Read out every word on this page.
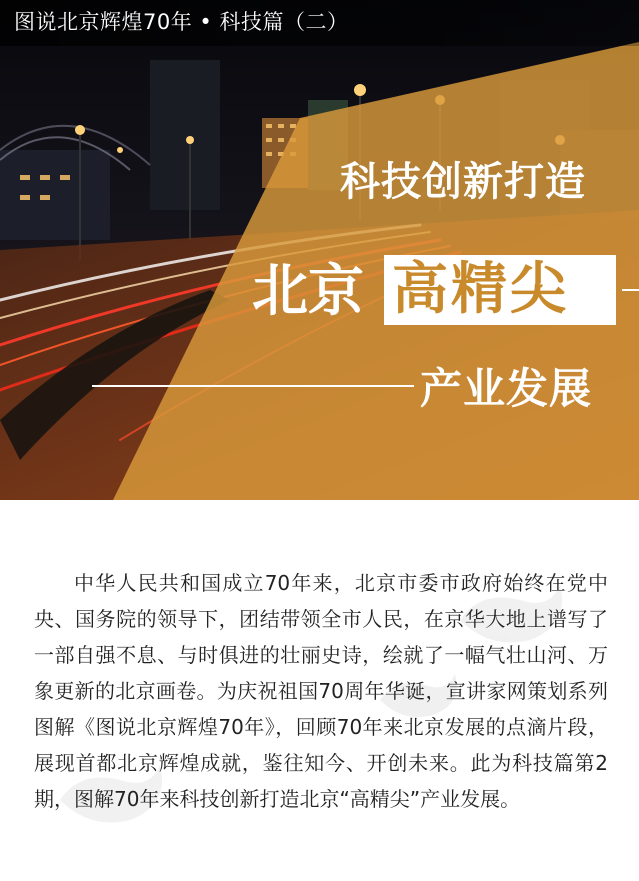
图说北京辉煌70年 • 科技篇（二）
科技创新打造
北京 高精尖
产业发展

中华人民共和国成立70年来，北京市委市政府始终在党中央、国务院的领导下，团结带领全市人民，在京华大地上谱写了一部自强不息、与时俱进的壮丽史诗，绘就了一幅气壮山河、万象更新的北京画卷。为庆祝祖国70周年华诞，宣讲家网策划系列图解《图说北京辉煌70年》，回顾70年来北京发展的点滴片段，展现首都北京辉煌成就，鉴往知今、开创未来。此为科技篇第2期，图解70年来科技创新打造北京“高精尖”产业发展。
